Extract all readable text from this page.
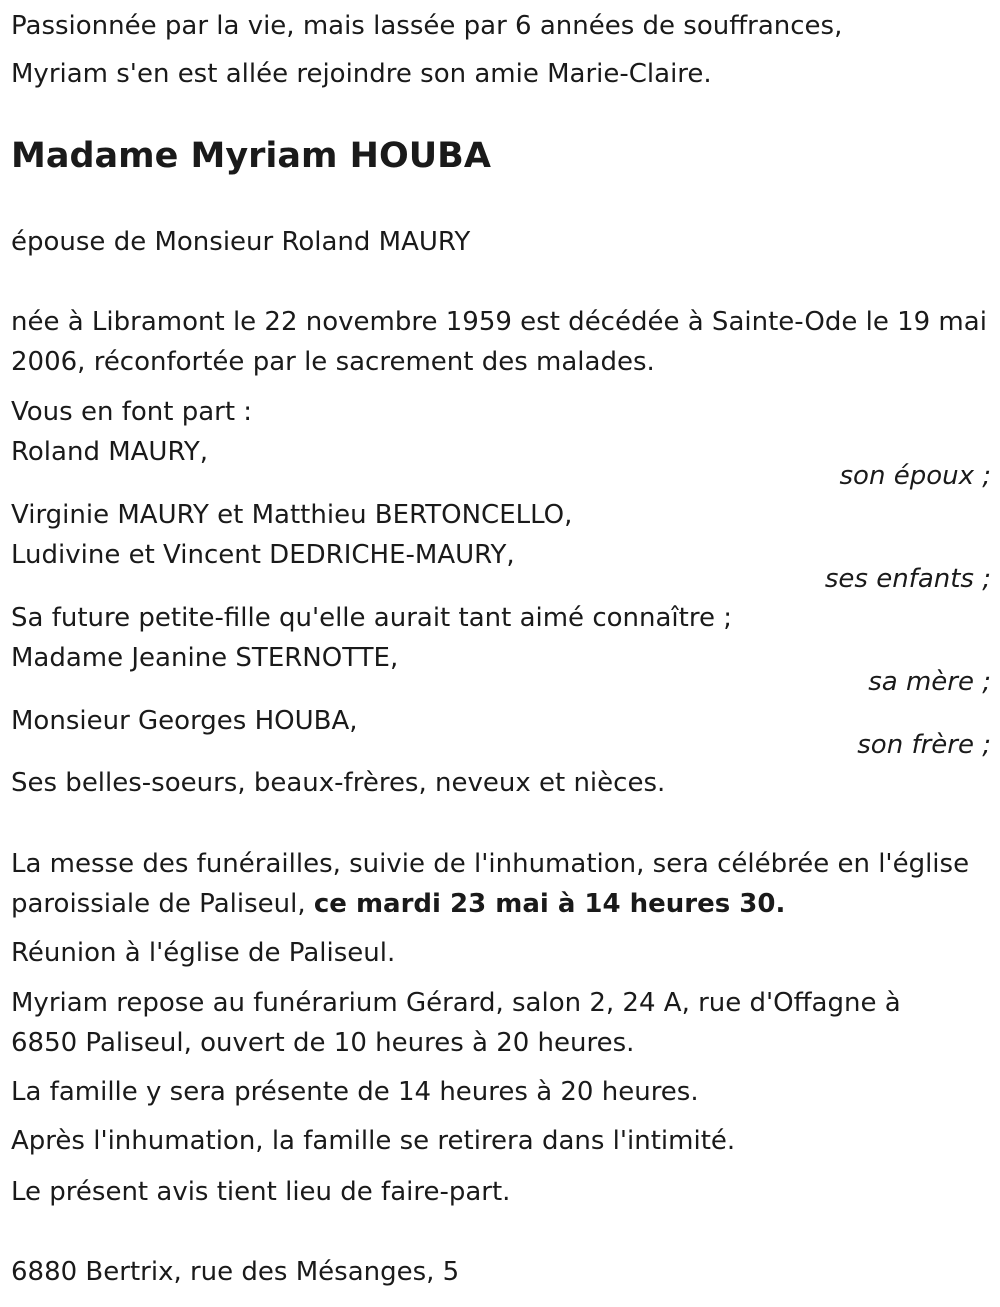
Passionnée par la vie, mais lassée par 6 années de souffrances,
Myriam s'en est allée rejoindre son amie Marie-Claire.
Madame Myriam HOUBA
épouse de Monsieur Roland MAURY
née à Libramont le 22 novembre 1959 est décédée à Sainte-Ode le 19 mai
2006, réconfortée par le sacrement des malades.
Vous en font part :
Roland MAURY,
son époux ;
Virginie MAURY et Matthieu BERTONCELLO,
Ludivine et Vincent DEDRICHE-MAURY,
ses enfants ;
Sa future petite-fille qu'elle aurait tant aimé connaître ;
Madame Jeanine STERNOTTE,
sa mère ;
Monsieur Georges HOUBA,
son frère ;
Ses belles-soeurs, beaux-frères, neveux et nièces.
La messe des funérailles, suivie de l'inhumation, sera célébrée en l'église
paroissiale de Paliseul, ce mardi 23 mai à 14 heures 30.
Réunion à l'église de Paliseul.
Myriam repose au funérarium Gérard, salon 2, 24 A, rue d'Offagne à
6850 Paliseul, ouvert de 10 heures à 20 heures.
La famille y sera présente de 14 heures à 20 heures.
Après l'inhumation, la famille se retirera dans l'intimité.
Le présent avis tient lieu de faire-part.
6880 Bertrix, rue des Mésanges, 5
